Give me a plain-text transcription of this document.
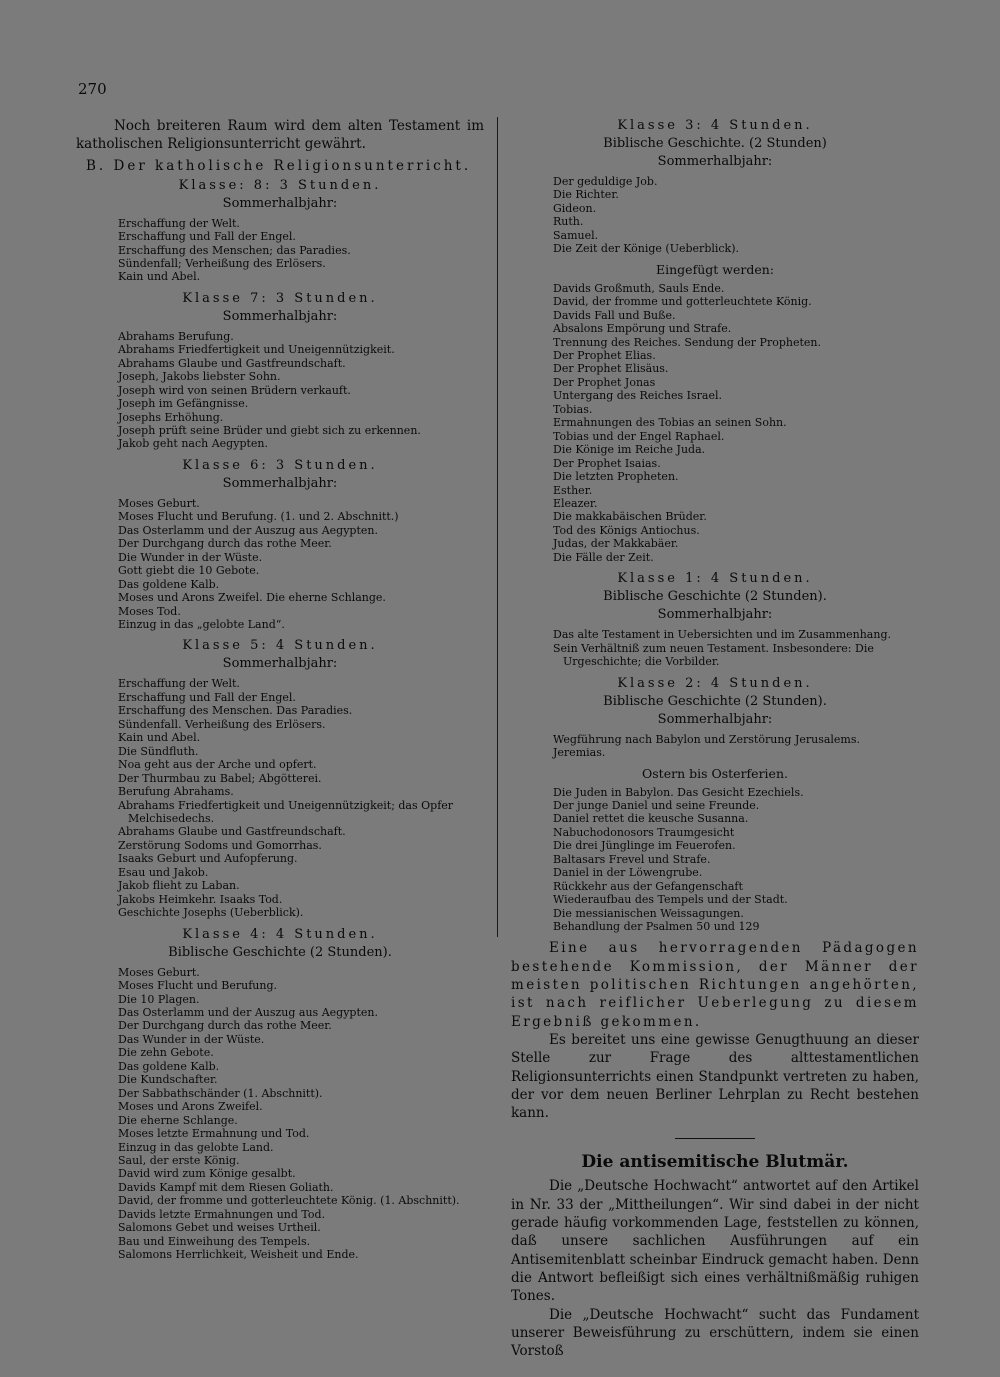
270

Noch breiteren Raum wird dem alten Testament im katholischen Religionsunterricht gewährt.

B. Der katholische Religionsunterricht.
Klasse: 8: 3 Stunden.
Sommerhalbjahr:
Erschaffung der Welt.
Erschaffung und Fall der Engel.
Erschaffung des Menschen; das Paradies.
Sündenfall; Verheißung des Erlösers.
Kain und Abel.
Klasse 7: 3 Stunden.
Sommerhalbjahr:
Abrahams Berufung.
Abrahams Friedfertigkeit und Uneigennützigkeit.
Abrahams Glaube und Gastfreundschaft.
Joseph, Jakobs liebster Sohn.
Joseph wird von seinen Brüdern verkauft.
Joseph im Gefängnisse.
Josephs Erhöhung.
Joseph prüft seine Brüder und giebt sich zu erkennen.
Jakob geht nach Aegypten.
Klasse 6: 3 Stunden.
Sommerhalbjahr:
Moses Geburt.
Moses Flucht und Berufung. (1. und 2. Abschnitt.)
Das Osterlamm und der Auszug aus Aegypten.
Der Durchgang durch das rothe Meer.
Die Wunder in der Wüste.
Gott giebt die 10 Gebote.
Das goldene Kalb.
Moses und Arons Zweifel. Die eherne Schlange.
Moses Tod.
Einzug in das „gelobte Land“.
Klasse 5: 4 Stunden.
Sommerhalbjahr:
Erschaffung der Welt.
Erschaffung und Fall der Engel.
Erschaffung des Menschen. Das Paradies.
Sündenfall. Verheißung des Erlösers.
Kain und Abel.
Die Sündfluth.
Noa geht aus der Arche und opfert.
Der Thurmbau zu Babel; Abgötterei.
Berufung Abrahams.
Abrahams Friedfertigkeit und Uneigennützigkeit; das Opfer
Melchisedechs.
Abrahams Glaube und Gastfreundschaft.
Zerstörung Sodoms und Gomorrhas.
Isaaks Geburt und Aufopferung.
Esau und Jakob.
Jakob flieht zu Laban.
Jakobs Heimkehr. Isaaks Tod.
Geschichte Josephs (Ueberblick).
Klasse 4: 4 Stunden.
Biblische Geschichte (2 Stunden).
Moses Geburt.
Moses Flucht und Berufung.
Die 10 Plagen.
Das Osterlamm und der Auszug aus Aegypten.
Der Durchgang durch das rothe Meer.
Das Wunder in der Wüste.
Die zehn Gebote.
Das goldene Kalb.
Die Kundschafter.
Der Sabbathschänder (1. Abschnitt).
Moses und Arons Zweifel.
Die eherne Schlange.
Moses letzte Ermahnung und Tod.
Einzug in das gelobte Land.
Saul, der erste König.
David wird zum Könige gesalbt.
Davids Kampf mit dem Riesen Goliath.
David, der fromme und gotterleuchtete König. (1. Abschnitt).
Davids letzte Ermahnungen und Tod.
Salomons Gebet und weises Urtheil.
Bau und Einweihung des Tempels.
Salomons Herrlichkeit, Weisheit und Ende.
Klasse 3: 4 Stunden.
Biblische Geschichte. (2 Stunden)
Sommerhalbjahr:
Der geduldige Job.
Die Richter.
Gideon.
Ruth.
Samuel.
Die Zeit der Könige (Ueberblick).
Eingefügt werden:
Davids Großmuth, Sauls Ende.
David, der fromme und gotterleuchtete König.
Davids Fall und Buße.
Absalons Empörung und Strafe.
Trennung des Reiches. Sendung der Propheten.
Der Prophet Elias.
Der Prophet Elisäus.
Der Prophet Jonas
Untergang des Reiches Israel.
Tobias.
Ermahnungen des Tobias an seinen Sohn.
Tobias und der Engel Raphael.
Die Könige im Reiche Juda.
Der Prophet Isaias.
Die letzten Propheten.
Esther.
Eleazer.
Die makkabäischen Brüder.
Tod des Königs Antiochus.
Judas, der Makkabäer.
Die Fälle der Zeit.
Klasse 1: 4 Stunden.
Biblische Geschichte (2 Stunden).
Sommerhalbjahr:
Das alte Testament in Uebersichten und im Zusammenhang.
Sein Verhältniß zum neuen Testament. Insbesondere: Die
Urgeschichte; die Vorbilder.
Klasse 2: 4 Stunden.
Biblische Geschichte (2 Stunden).
Sommerhalbjahr:
Wegführung nach Babylon und Zerstörung Jerusalems.
Jeremias.
Ostern bis Osterferien.
Die Juden in Babylon. Das Gesicht Ezechiels.
Der junge Daniel und seine Freunde.
Daniel rettet die keusche Susanna.
Nabuchodonosors Traumgesicht
Die drei Jünglinge im Feuerofen.
Baltasars Frevel und Strafe.
Daniel in der Löwengrube.
Rückkehr aus der Gefangenschaft
Wiederaufbau des Tempels und der Stadt.
Die messianischen Weissagungen.
Behandlung der Psalmen 50 und 129

Eine aus hervorragenden Pädagogen bestehende Kommission, der Männer der meisten politischen Richtungen angehörten, ist nach reiflicher Ueberlegung zu diesem Ergebniß gekommen.

Es bereitet uns eine gewisse Genugthuung an dieser Stelle zur Frage des alttestamentlichen Religionsunterrichts einen Standpunkt vertreten zu haben, der vor dem neuen Berliner Lehrplan zu Recht bestehen kann.

Die antisemitische Blutmär.

Die „Deutsche Hochwacht“ antwortet auf den Artikel in Nr. 33 der „Mittheilungen“. Wir sind dabei in der nicht gerade häufig vorkommenden Lage, feststellen zu können, daß unsere sachlichen Ausführungen auf ein Antisemitenblatt scheinbar Eindruck gemacht haben. Denn die Antwort befleißigt sich eines verhältnißmäßig ruhigen Tones.

Die „Deutsche Hochwacht“ sucht das Fundament unserer Beweisführung zu erschüttern, indem sie einen Vorstoß
